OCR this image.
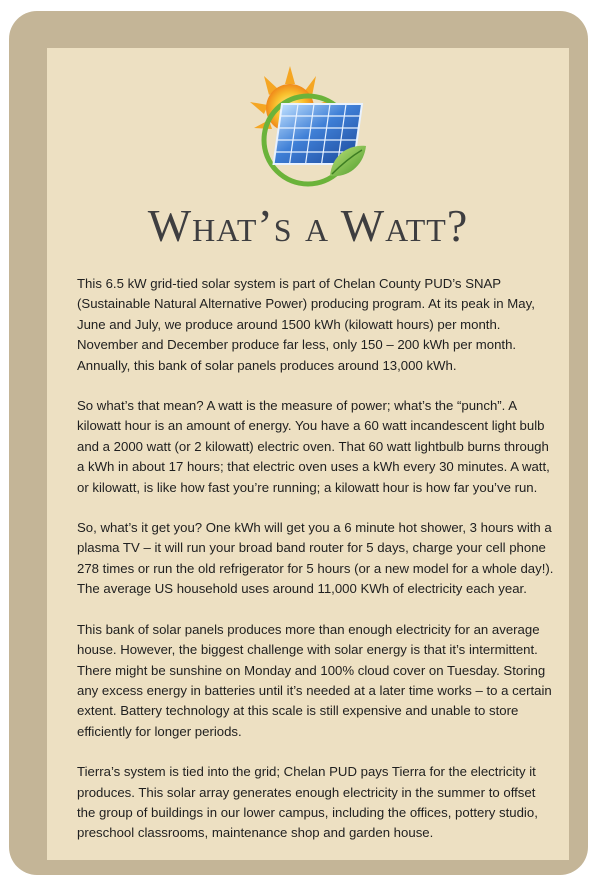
What’s a Watt?

This 6.5 kW grid-tied solar system is part of Chelan County PUD’s SNAP (Sustainable Natural Alternative Power) producing program. At its peak in May, June and July, we produce around 1500 kWh (kilowatt hours) per month. November and December produce far less, only 150 – 200 kWh per month. Annually, this bank of solar panels produces around 13,000 kWh.

So what’s that mean? A watt is the measure of power; what’s the “punch”. A kilowatt hour is an amount of energy. You have a 60 watt incandescent light bulb and a 2000 watt (or 2 kilowatt) electric oven. That 60 watt lightbulb burns through a kWh in about 17 hours; that electric oven uses a kWh every 30 minutes. A watt, or kilowatt, is like how fast you’re running; a kilowatt hour is how far you’ve run.

So, what’s it get you? One kWh will get you a 6 minute hot shower, 3 hours with a plasma TV – it will run your broad band router for 5 days, charge your cell phone 278 times or run the old refrigerator for 5 hours (or a new model for a whole day!). The average US household uses around 11,000 KWh of electricity each year.

This bank of solar panels produces more than enough electricity for an average house. However, the biggest challenge with solar energy is that it’s intermittent. There might be sunshine on Monday and 100% cloud cover on Tuesday. Storing any excess energy in batteries until it’s needed at a later time works – to a certain extent. Battery technology at this scale is still expensive and unable to store efficiently for longer periods.

Tierra’s system is tied into the grid; Chelan PUD pays Tierra for the electricity it produces. This solar array generates enough electricity in the summer to offset the group of buildings in our lower campus, including the offices, pottery studio, preschool classrooms, maintenance shop and garden house.
